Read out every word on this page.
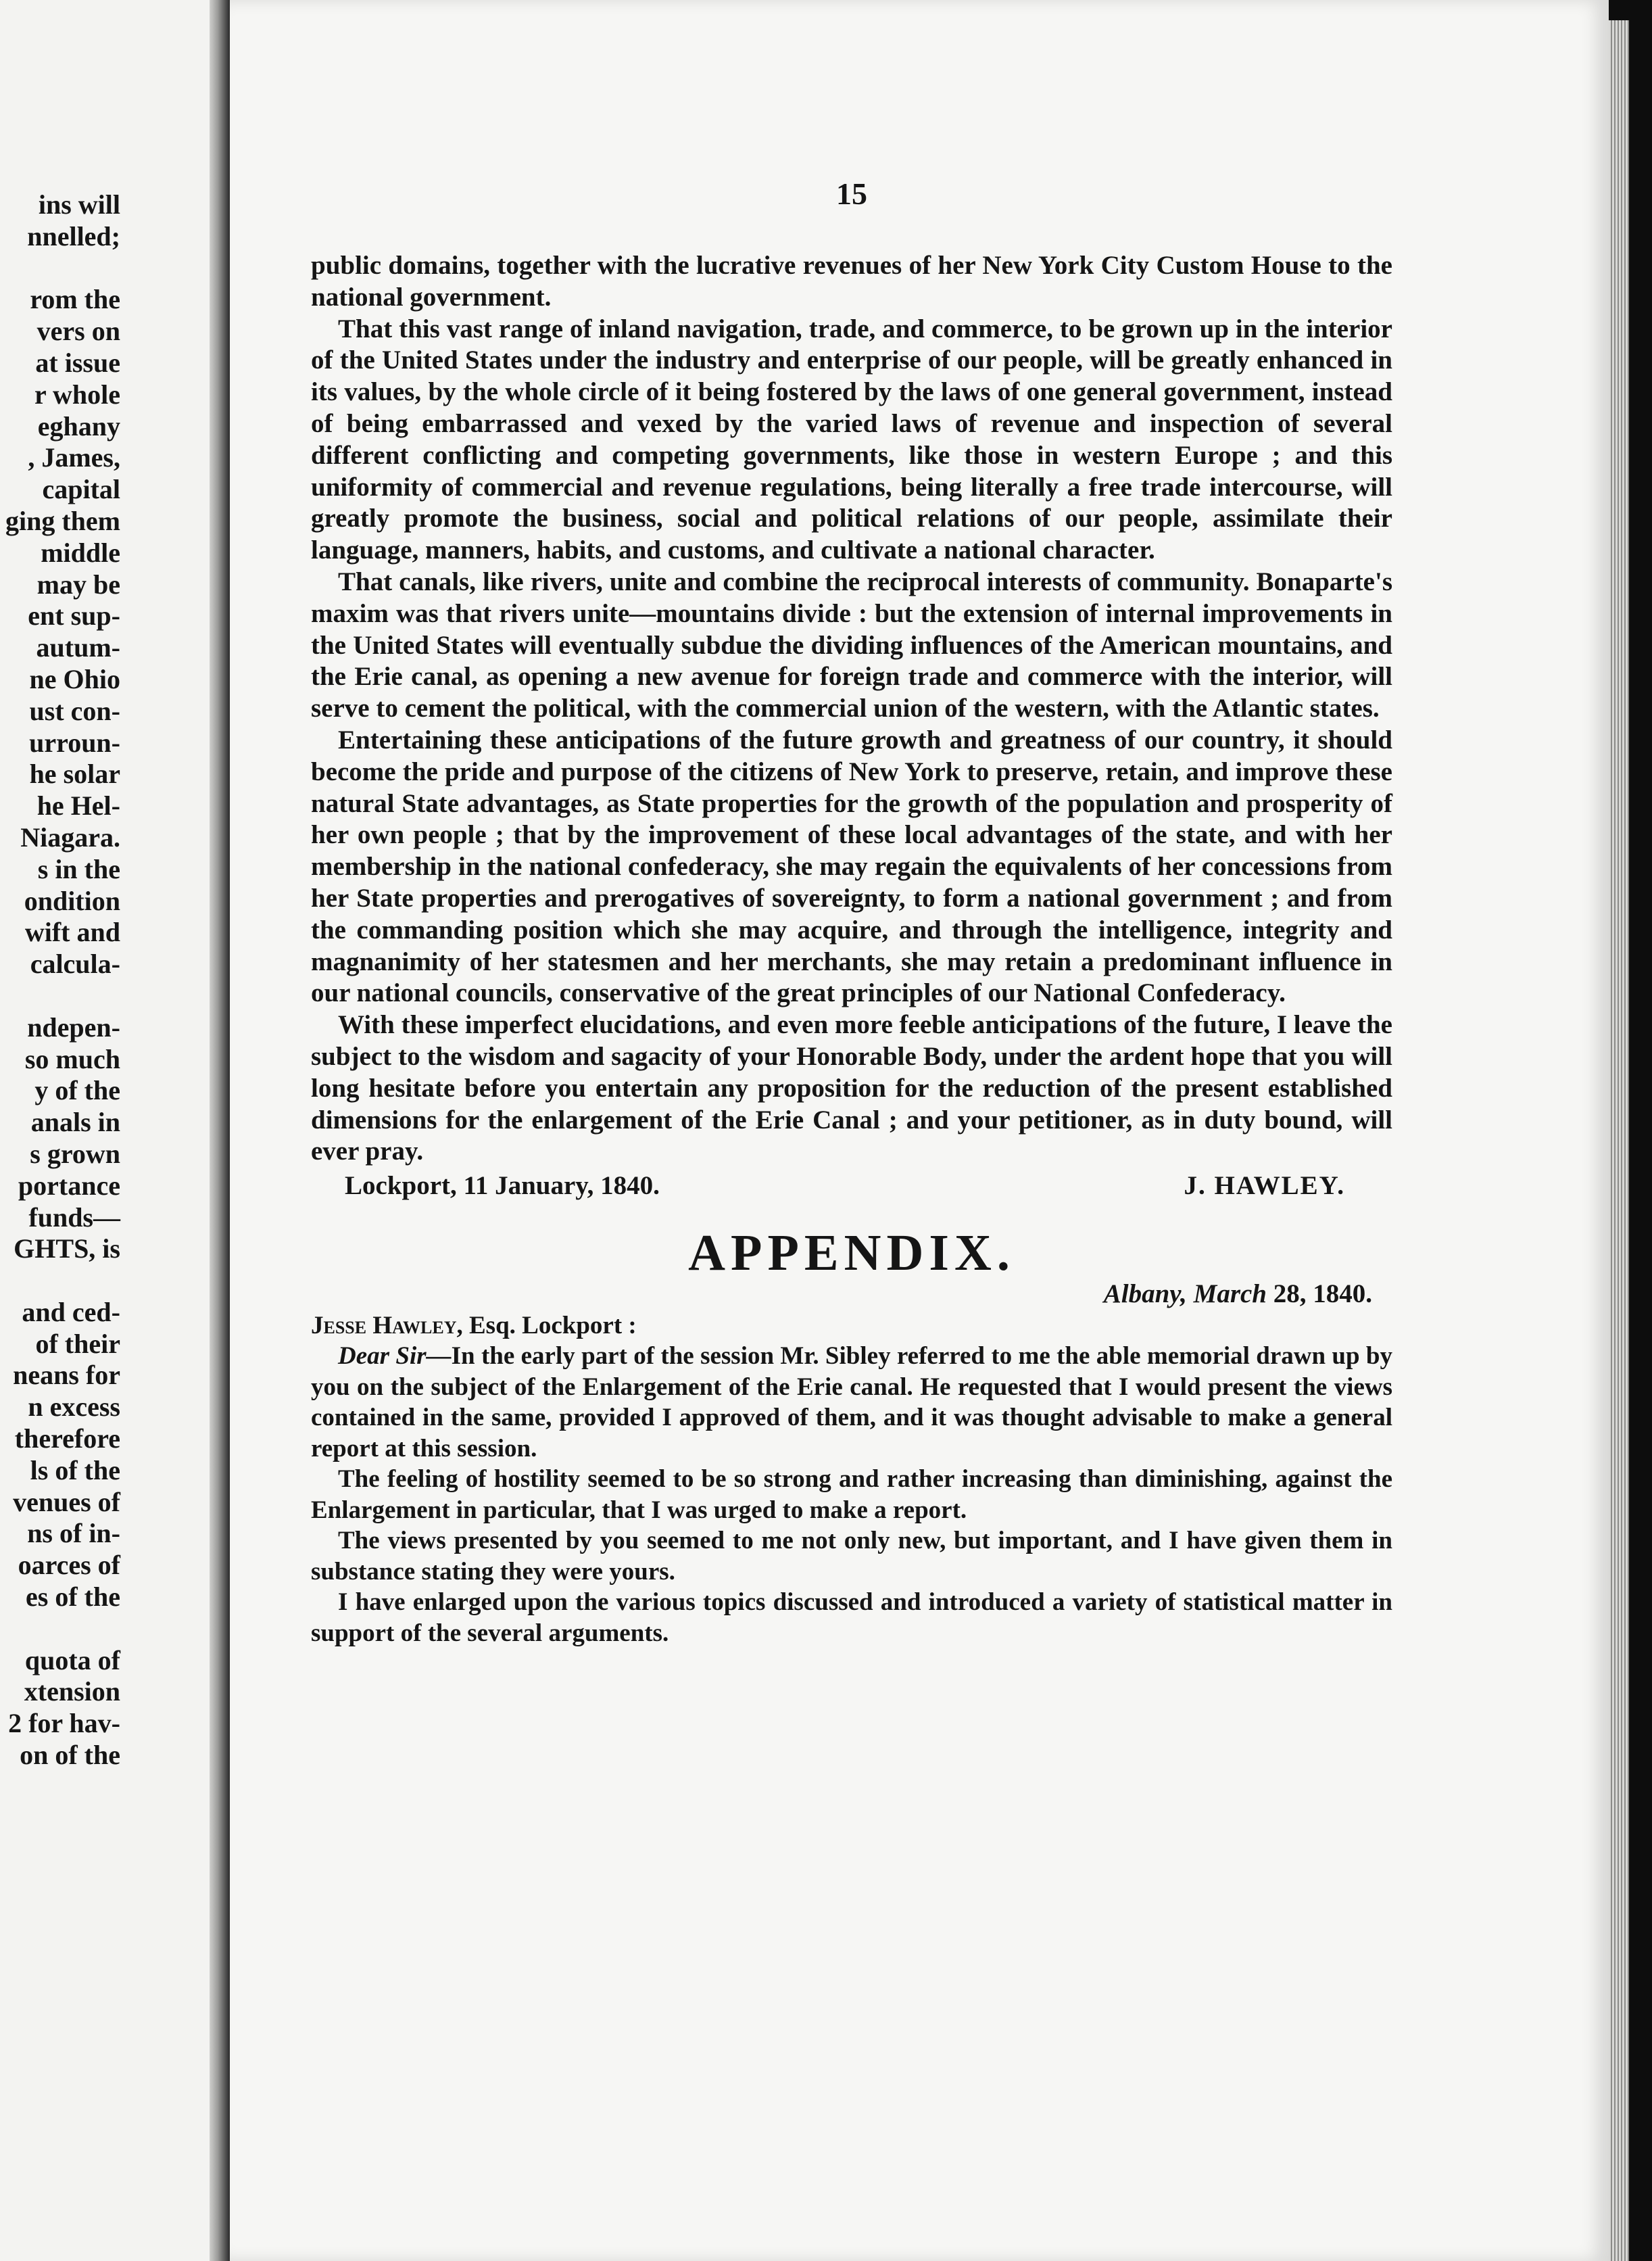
ins will
nnelled;

rom the
vers on
at issue
r whole
eghany
, James,
capital
ging them
middle
may be
ent sup-
autum-
ne Ohio
ust con-
urroun-
he solar
he Hel-
Niagara.
s in the
ondition
wift and
calcula-

ndepen-
so much
y of the
anals in
s grown
portance
funds—
GHTS, is

and ced-
of their
neans for
n excess
therefore
ls of the
venues of
ns of in-
oarces of
es of the

quota of
xtension
2 for hav-
on of the
15

public domains, together with the lucrative revenues of her New York City Custom House to the national government.

That this vast range of inland navigation, trade, and commerce, to be grown up in the interior of the United States under the industry and enterprise of our people, will be greatly enhanced in its values, by the whole circle of it being fostered by the laws of one general government, instead of being embarrassed and vexed by the varied laws of revenue and inspection of several different conflicting and competing governments, like those in western Europe ; and this uniformity of commercial and revenue regulations, being literally a free trade intercourse, will greatly promote the business, social and political relations of our people, assimilate their language, manners, habits, and customs, and cultivate a national character.

That canals, like rivers, unite and combine the reciprocal interests of community. Bonaparte's maxim was that rivers unite—mountains divide : but the extension of internal improvements in the United States will eventually subdue the dividing influences of the American mountains, and the Erie canal, as opening a new avenue for foreign trade and commerce with the interior, will serve to cement the political, with the commercial union of the western, with the Atlantic states.

Entertaining these anticipations of the future growth and greatness of our country, it should become the pride and purpose of the citizens of New York to preserve, retain, and improve these natural State advantages, as State properties for the growth of the population and prosperity of her own people ; that by the improvement of these local advantages of the state, and with her membership in the national confederacy, she may regain the equivalents of her concessions from her State properties and prerogatives of sovereignty, to form a national government ; and from the commanding position which she may acquire, and through the intelligence, integrity and magnanimity of her statesmen and her merchants, she may retain a predominant influence in our national councils, conservative of the great principles of our National Confederacy.

With these imperfect elucidations, and even more feeble anticipations of the future, I leave the subject to the wisdom and sagacity of your Honorable Body, under the ardent hope that you will long hesitate before you entertain any proposition for the reduction of the present established dimensions for the enlargement of the Erie Canal ; and your petitioner, as in duty bound, will ever pray.

Lockport, 11 January, 1840.	J. HAWLEY.
APPENDIX.
Albany, March 28, 1840.
Jesse Hawley, Esq. Lockport :

Dear Sir—In the early part of the session Mr. Sibley referred to me the able memorial drawn up by you on the subject of the Enlargement of the Erie canal. He requested that I would present the views contained in the same, provided I approved of them, and it was thought advisable to make a general report at this session.

The feeling of hostility seemed to be so strong and rather increasing than diminishing, against the Enlargement in particular, that I was urged to make a report.

The views presented by you seemed to me not only new, but important, and I have given them in substance stating they were yours.

I have enlarged upon the various topics discussed and introduced a variety of statistical matter in support of the several arguments.
